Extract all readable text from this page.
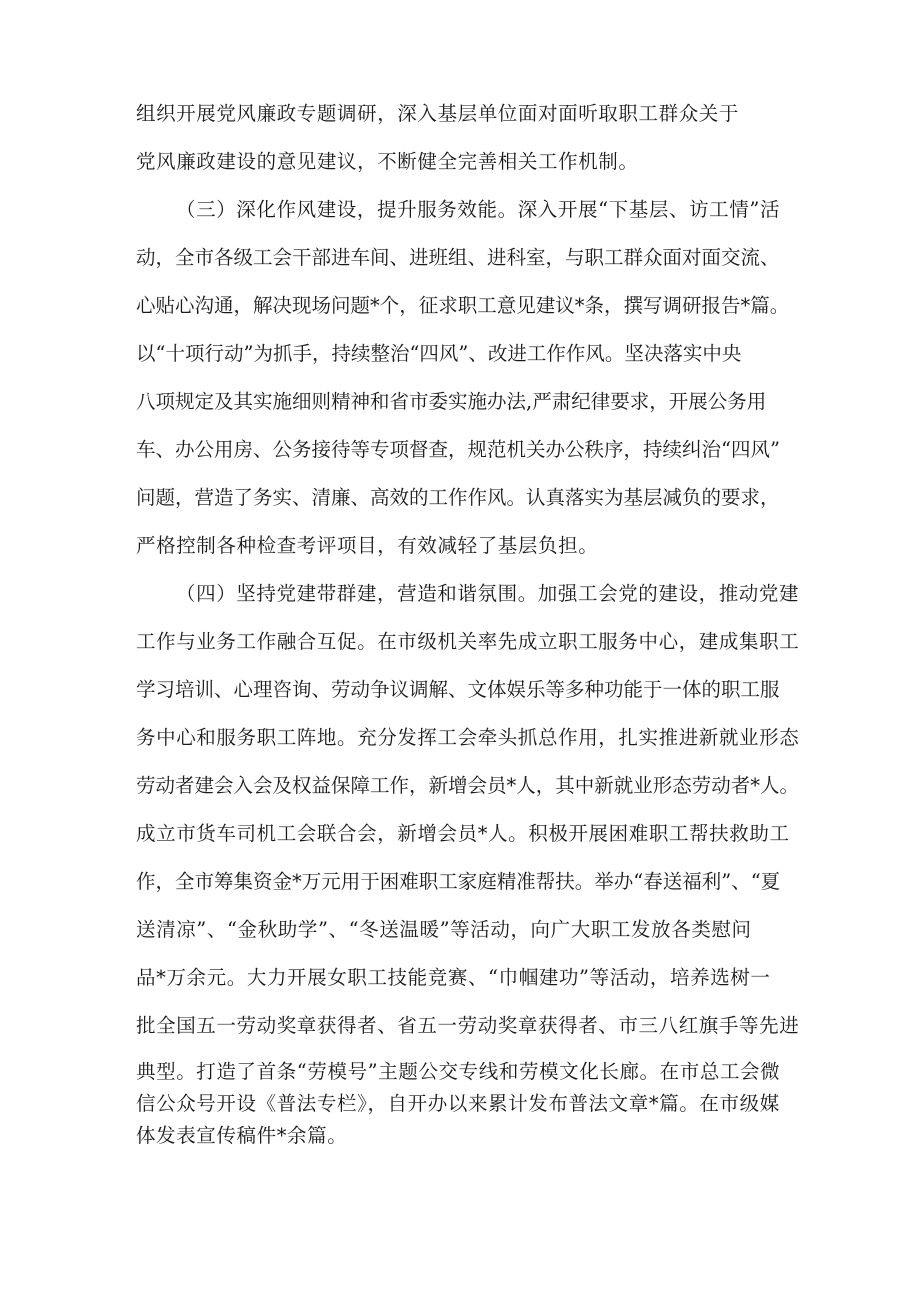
组织开展党风廉政专题调研，深入基层单位面对面听取职工群众关于

党风廉政建设的意见建议，不断健全完善相关工作机制。

（三）深化作风建设，提升服务效能。深入开展“下基层、访工情”活

动，全市各级工会干部进车间、进班组、进科室，与职工群众面对面交流、

心贴心沟通，解决现场问题*个，征求职工意见建议*条，撰写调研报告*篇。

以“十项行动”为抓手，持续整治“四风”、改进工作作风。坚决落实中央

八项规定及其实施细则精神和省市委实施办法,严肃纪律要求，开展公务用

车、办公用房、公务接待等专项督查，规范机关办公秩序，持续纠治“四风”

问题，营造了务实、清廉、高效的工作作风。认真落实为基层减负的要求，

严格控制各种检查考评项目，有效减轻了基层负担。

（四）坚持党建带群建，营造和谐氛围。加强工会党的建设，推动党建

工作与业务工作融合互促。在市级机关率先成立职工服务中心，建成集职工

学习培训、心理咨询、劳动争议调解、文体娱乐等多种功能于一体的职工服

务中心和服务职工阵地。充分发挥工会牵头抓总作用，扎实推进新就业形态

劳动者建会入会及权益保障工作，新增会员*人，其中新就业形态劳动者*人。

成立市货车司机工会联合会，新增会员*人。积极开展困难职工帮扶救助工

作，全市筹集资金*万元用于困难职工家庭精准帮扶。举办“春送福利”、“夏

送清凉”、“金秋助学”、“冬送温暖”等活动，向广大职工发放各类慰问

品*万余元。大力开展女职工技能竞赛、“巾帼建功”等活动，培养选树一

批全国五一劳动奖章获得者、省五一劳动奖章获得者、市三八红旗手等先进

典型。打造了首条“劳模号”主题公交专线和劳模文化长廊。在市总工会微

信公众号开设《普法专栏》，自开办以来累计发布普法文章*篇。在市级媒

体发表宣传稿件*余篇。
